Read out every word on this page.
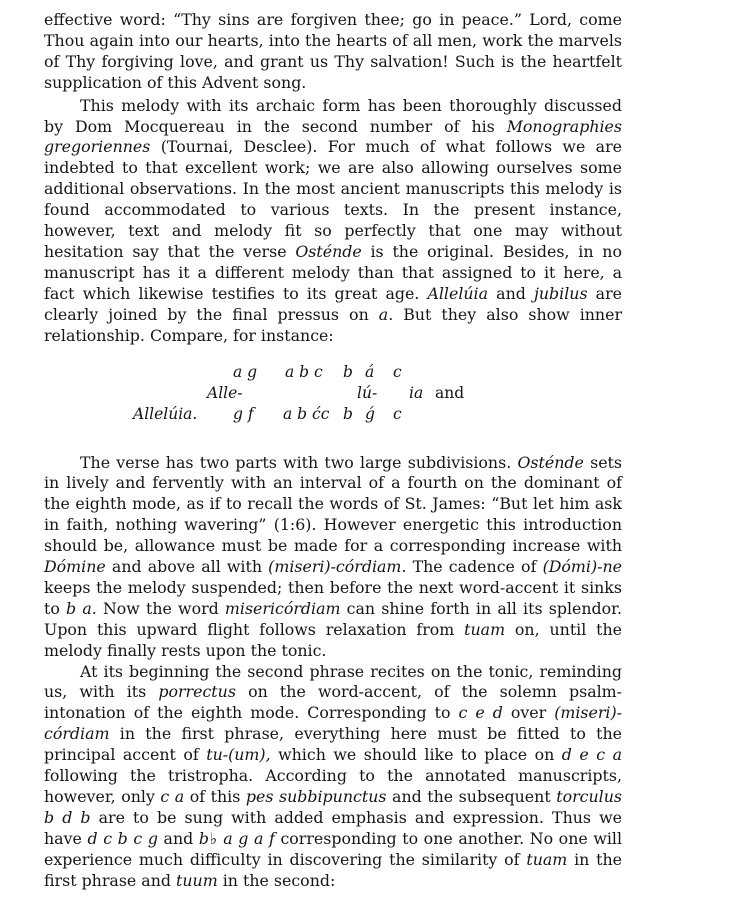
effective word: “Thy sins are forgiven thee; go in peace.” Lord, come Thou again into our hearts, into the hearts of all men, work the marvels of Thy forgiving love, and grant us Thy salvation! Such is the heartfelt supplication of this Advent song.

This melody with its archaic form has been thoroughly discussed by Dom Mocquereau in the second number of his Monographies gregoriennes (Tournai, Desclee). For much of what follows we are indebted to that excellent work; we are also allowing ourselves some additional observations. In the most ancient manuscripts this melody is found accommodated to various texts. In the present instance, however, text and melody fit so perfectly that one may without hesitation say that the verse Osténde is the original. Besides, in no manuscript has it a different melody than that assigned to it here, a fact which likewise testifies to its great age. Allelúia and jubilus are clearly joined by the final pressus on a. But they also show inner relationship. Compare, for instance:

a g a b c b á c
Alle-	lú- ia and
Allelúia. g f a b ćc b ǵ c

The verse has two parts with two large subdivisions. Osténde sets in lively and fervently with an interval of a fourth on the dominant of the eighth mode, as if to recall the words of St. James: “But let him ask in faith, nothing wavering” (1:6). However energetic this introduction should be, allowance must be made for a corresponding increase with Dómine and above all with (miseri)-córdiam. The cadence of (Dómi)-ne keeps the melody suspended; then before the next word-accent it sinks to b a. Now the word misericórdiam can shine forth in all its splendor. Upon this upward flight follows relaxation from tuam on, until the melody finally rests upon the tonic.

At its beginning the second phrase recites on the tonic, reminding us, with its porrectus on the word-accent, of the solemn psalm-intonation of the eighth mode. Corresponding to c e d over (miseri)-córdiam in the first phrase, everything here must be fitted to the principal accent of tu-(um), which we should like to place on d e c a following the tristropha. According to the annotated manuscripts, however, only c a of this pes subbipunctus and the subsequent torculus b d b are to be sung with added emphasis and expression. Thus we have d c b c g and b♭ a g a f corresponding to one another. No one will experience much difficulty in discovering the similarity of tuam in the first phrase and tuum in the second:
